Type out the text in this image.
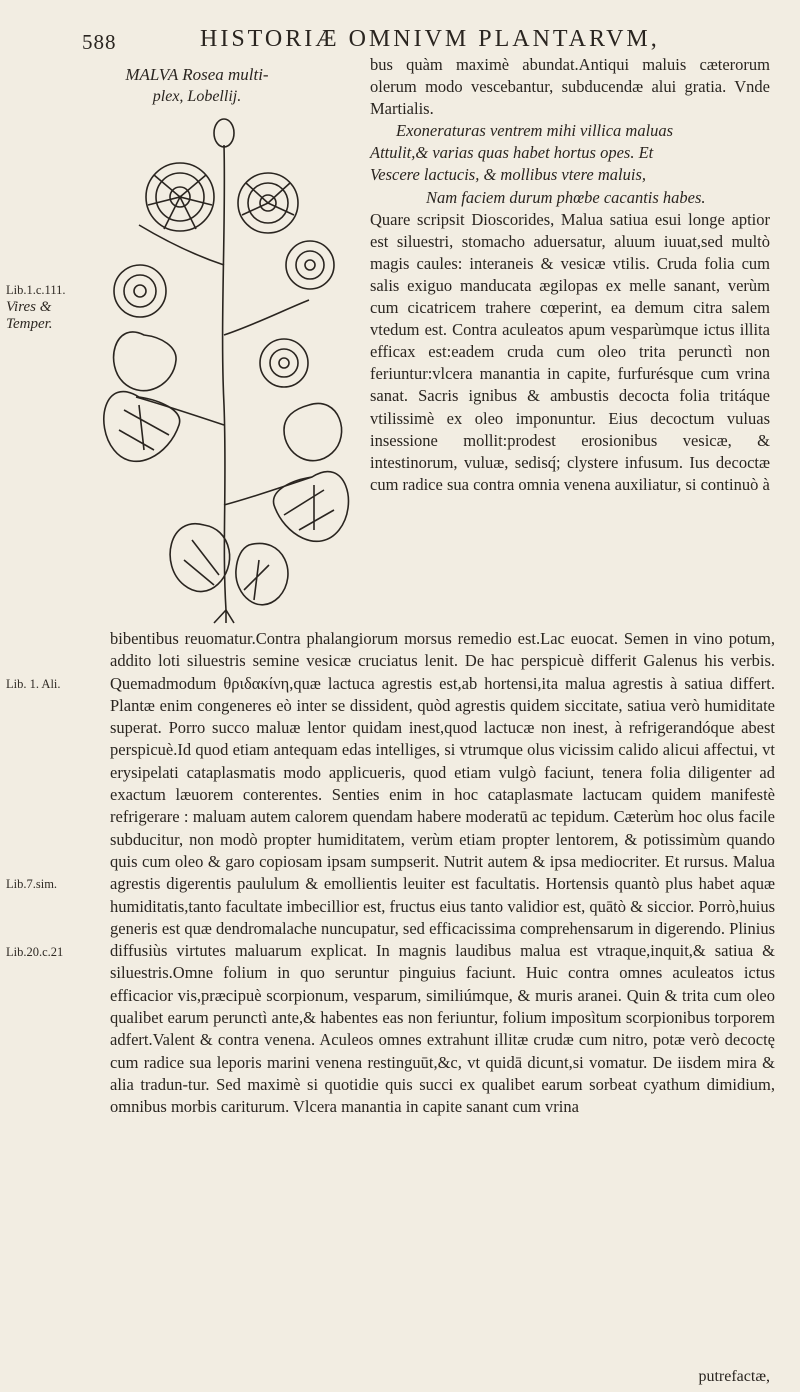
588	HISTORIÆ OMNIVM PLANTARVM,
MALVA Rosea multi-
plex, Lobellij.
Lib.1.c.111.
Vires &
Temper.
Lib. 1. Ali.
Lib.7.sim.
Lib.20.c.21

bus quàm maximè abundat.Antiqui maluis cæterorum olerum modo vescebantur, subducendæ alui gratia. Vnde Martialis.

Exoneraturas ventrem mihi villica maluas

Attulit,& varias quas habet hortus opes. Et

Vescere lactucis, & mollibus vtere maluis,

Nam faciem durum phœbe cacantis habes.

Quare scripsit Dioscorides, Malua satiua esui longe aptior est siluestri, stomacho aduersatur, aluum iuuat,sed multò magis caules: interaneis & vesicæ vtilis. Cruda folia cum salis exiguo manducata ægilopas ex melle sanant, verùm cum cicatricem trahere cœperint, ea demum citra salem vtedum est. Contra aculeatos apum vesparùmque ictus illita efficax est:eadem cruda cum oleo trita perunctì non feriuntur:vlcera manantia in capite, furfurésque cum vrina sanat. Sacris ignibus & ambustis decocta folia tritáque vtilissimè ex oleo imponuntur. Eius decoctum vuluas insessione mollit:prodest erosionibus vesicæ, & intestinorum, vuluæ, sedisq́; clystere infusum. Ius decoctæ cum radice sua contra omnia venena auxiliatur, si continuò à

bibentibus reuomatur.Contra phalangiorum morsus remedio est.Lac euocat. Semen in vino potum, addito loti siluestris semine vesicæ cruciatus lenit. De hac perspicuè differit Galenus his verbis. Quemadmodum θριδακίνη,quæ lactuca agrestis est,ab hortensi,ita malua agrestis à satiua differt. Plantæ enim congeneres eò inter se dissident, quòd agrestis quidem siccitate, satiua verò humiditate superat. Porro succo maluæ lentor quidam inest,quod lactucæ non inest, à refrigerandóque abest perspicuè.Id quod etiam antequam edas intelliges, si vtrumque olus vicissim calido alicui affectui, vt erysipelati cataplasmatis modo applicueris, quod etiam vulgò faciunt, tenera folia diligenter ad exactum læuorem conterentes. Senties enim in hoc cataplasmate lactucam quidem manifestè refrigerare : maluam autem calorem quendam habere moderatū ac tepidum. Cæterùm hoc olus facile subducitur, non modò propter humiditatem, verùm etiam propter lentorem, & potissimùm quando quis cum oleo & garo copiosam ipsam sumpserit. Nutrit autem & ipsa mediocriter. Et rursus. Malua agrestis digerentis paululum & emollientis leuiter est facultatis. Hortensis quantò plus habet aquæ humiditatis,tanto facultate imbecillior est, fructus eius tanto validior est, quātò & siccior. Porrò,huius generis est quæ dendromalache nuncupatur, sed efficacissima comprehensarum in digerendo. Plinius diffusiùs virtutes maluarum explicat. In magnis laudibus malua est vtraque,inquit,& satiua & siluestris.Omne folium in quo seruntur pinguius faciunt. Huic contra omnes aculeatos ictus efficacior vis,præcipuè scorpionum, vesparum, similiúmque, & muris aranei. Quin & trita cum oleo qualibet earum perunctì ante,& habentes eas non feriuntur, folium imposìtum scorpionibus torporem adfert.Valent & contra venena. Aculeos omnes extrahunt illitæ crudæ cum nitro, potæ verò decoctę cum radice sua leporis marini venena restinguūt,&c, vt quidā dicunt,si vomatur. De iisdem mira & alia tradun-tur. Sed maximè si quotidie quis succi ex qualibet earum sorbeat cyathum dimidium, omnibus morbis cariturum. Vlcera manantia in capite sanant cum vrina

putrefactæ,
